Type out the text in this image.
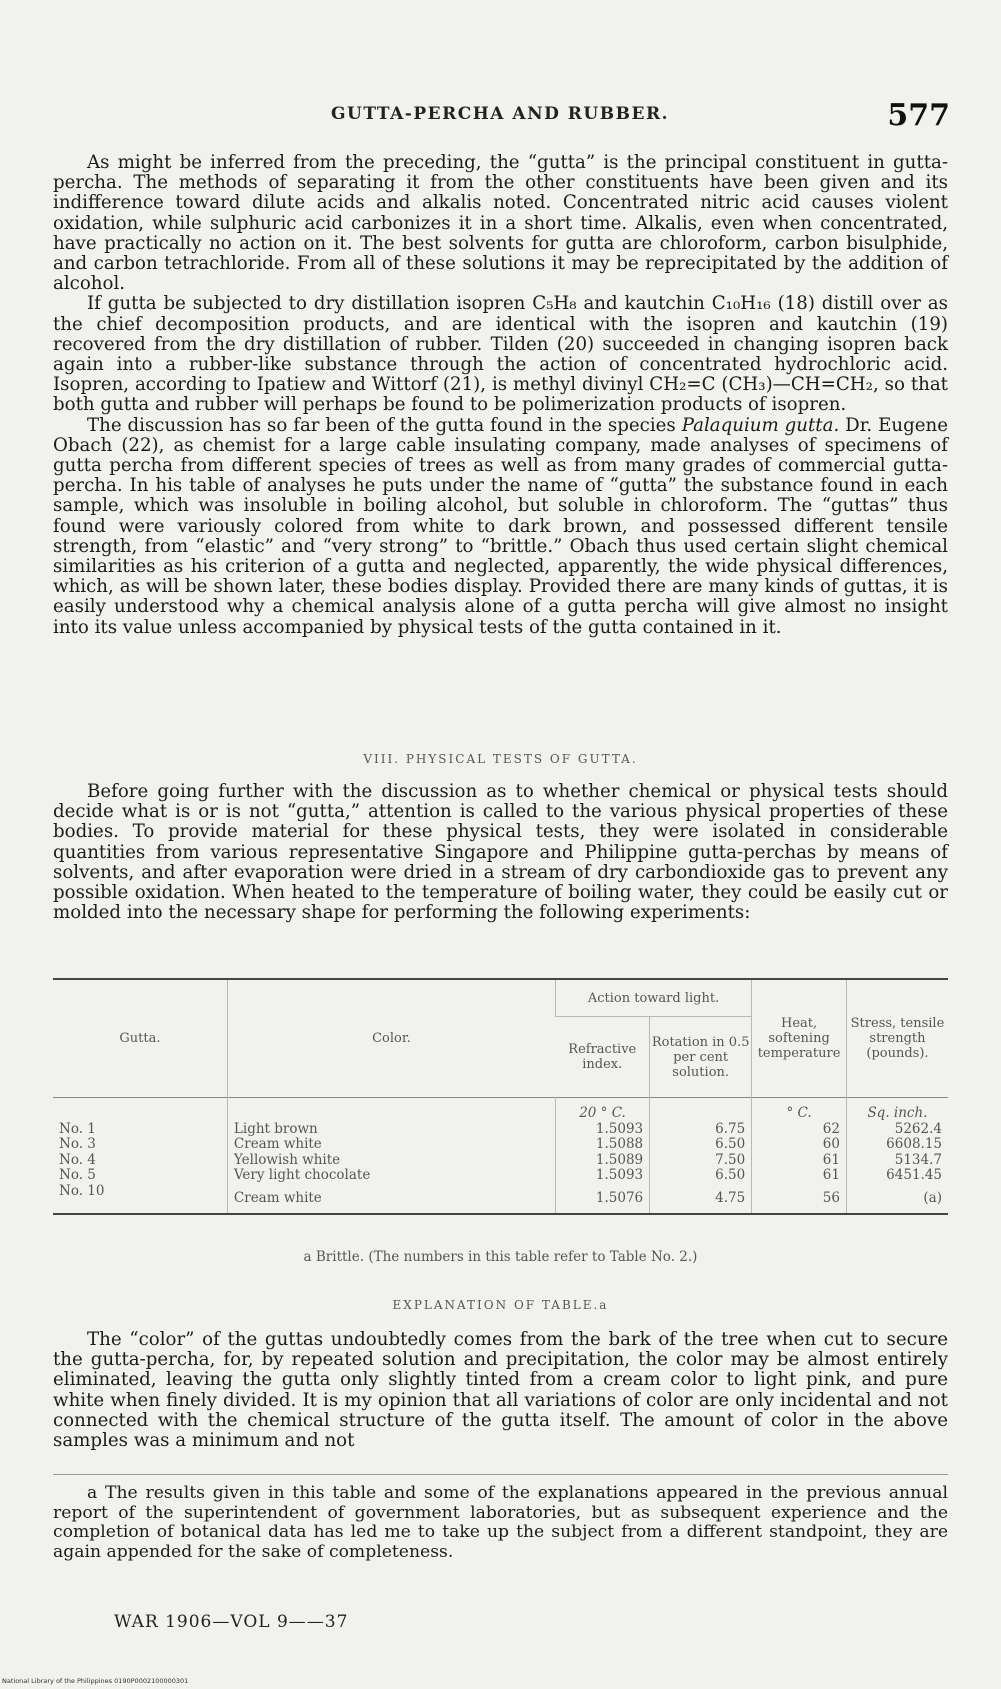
GUTTA-PERCHA AND RUBBER.	577

As might be inferred from the preceding, the “gutta” is the principal constituent in gutta-percha. The methods of separating it from the other constituents have been given and its indifference toward dilute acids and alkalis noted. Concentrated nitric acid causes violent oxidation, while sulphuric acid carbonizes it in a short time. Alkalis, even when concentrated, have practically no action on it. The best solvents for gutta are chloroform, carbon bisulphide, and carbon tetrachloride. From all of these solutions it may be reprecipitated by the addition of alcohol.

If gutta be subjected to dry distillation isopren C₅H₈ and kautchin C₁₀H₁₆ (18) distill over as the chief decomposition products, and are identical with the isopren and kautchin (19) recovered from the dry distillation of rubber. Tilden (20) succeeded in changing isopren back again into a rubber-like substance through the action of concentrated hydrochloric acid. Isopren, according to Ipatiew and Wittorf (21), is methyl divinyl CH₂=C (CH₃)—CH=CH₂, so that both gutta and rubber will perhaps be found to be polimerization products of isopren.

The discussion has so far been of the gutta found in the species Palaquium gutta. Dr. Eugene Obach (22), as chemist for a large cable insulating company, made analyses of specimens of gutta percha from different species of trees as well as from many grades of commercial gutta-percha. In his table of analyses he puts under the name of “gutta” the substance found in each sample, which was insoluble in boiling alcohol, but soluble in chloroform. The “guttas” thus found were variously colored from white to dark brown, and possessed different tensile strength, from “elastic” and “very strong” to “brittle.” Obach thus used certain slight chemical similarities as his criterion of a gutta and neglected, apparently, the wide physical differences, which, as will be shown later, these bodies display. Provided there are many kinds of guttas, it is easily understood why a chemical analysis alone of a gutta percha will give almost no insight into its value unless accompanied by physical tests of the gutta contained in it.

VIII. PHYSICAL TESTS OF GUTTA.

Before going further with the discussion as to whether chemical or physical tests should decide what is or is not “gutta,” attention is called to the various physical properties of these bodies. To provide material for these physical tests, they were isolated in considerable quantities from various representative Singapore and Philippine gutta-perchas by means of solvents, and after evaporation were dried in a stream of dry carbondioxide gas to prevent any possible oxidation. When heated to the temperature of boiling water, they could be easily cut or molded into the necessary shape for performing the following experiments:

Gutta.	Color.	Action toward light.		Heat, softening temperature	Stress, tensile strength (pounds).
		Refractive index.	Rotation in 0.5 per cent solution.		
		20 ° C.		° C.	Sq. inch.
No. 1	Light brown	1.5093	6.75	62	5262.4
No. 3	Cream white	1.5088	6.50	60	6608.15
No. 4	Yellowish white	1.5089	7.50	61	5134.7
No. 5	Very light chocolate	1.5093	6.50	61	6451.45
No. 10	Cream white	1.5076	4.75	56	(a)

a Brittle. (The numbers in this table refer to Table No. 2.)
EXPLANATION OF TABLE.a

The “color” of the guttas undoubtedly comes from the bark of the tree when cut to secure the gutta-percha, for, by repeated solution and precipitation, the color may be almost entirely eliminated, leaving the gutta only slightly tinted from a cream color to light pink, and pure white when finely divided. It is my opinion that all variations of color are only incidental and not connected with the chemical structure of the gutta itself. The amount of color in the above samples was a minimum and not

a The results given in this table and some of the explanations appeared in the previous annual report of the superintendent of government laboratories, but as subsequent experience and the completion of botanical data has led me to take up the subject from a different standpoint, they are again appended for the sake of completeness.
WAR 1906—VOL 9——37
National Library of the Philippines 0190P0002100000301
